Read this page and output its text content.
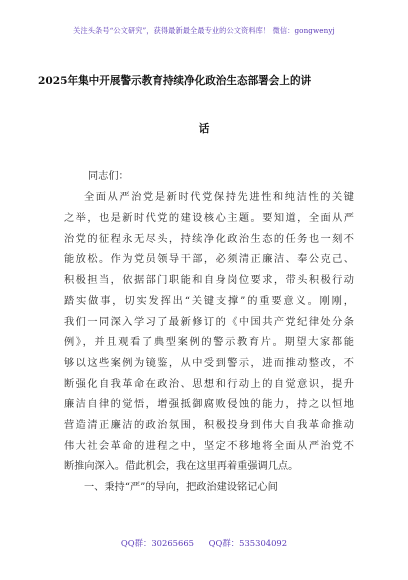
关注头条号“公文研究”，获得最新最全最专业的公文资料库！ 微信：gongwenyj
2025年集中开展警示教育持续净化政治生态部署会上的讲
话
同志们：

全面从严治党是新时代党保持先进性和纯洁性的关键

之举，也是新时代党的建设核心主题。要知道，全面从严

治党的征程永无尽头，持续净化政治生态的任务也一刻不

能放松。作为党员领导干部，必须清正廉洁、奉公克己、

积极担当，依据部门职能和自身岗位要求，带头积极行动

踏实做事，切实发挥出“关键支撑”的重要意义。刚刚，

我们一同深入学习了最新修订的《中国共产党纪律处分条

例》，并且观看了典型案例的警示教育片。期望大家都能

够以这些案例为镜鉴，从中受到警示，进而推动整改，不

断强化自我革命在政治、思想和行动上的自觉意识，提升

廉洁自律的觉悟，增强抵御腐败侵蚀的能力，持之以恒地

营造清正廉洁的政治氛围，积极投身到伟大自我革命推动

伟大社会革命的进程之中，坚定不移地将全面从严治党不

断推向深入。借此机会，我在这里再着重强调几点。

一、秉持“严”的导向，把政治建设铭记心间
QQ群：30265665 QQ群：535304092
